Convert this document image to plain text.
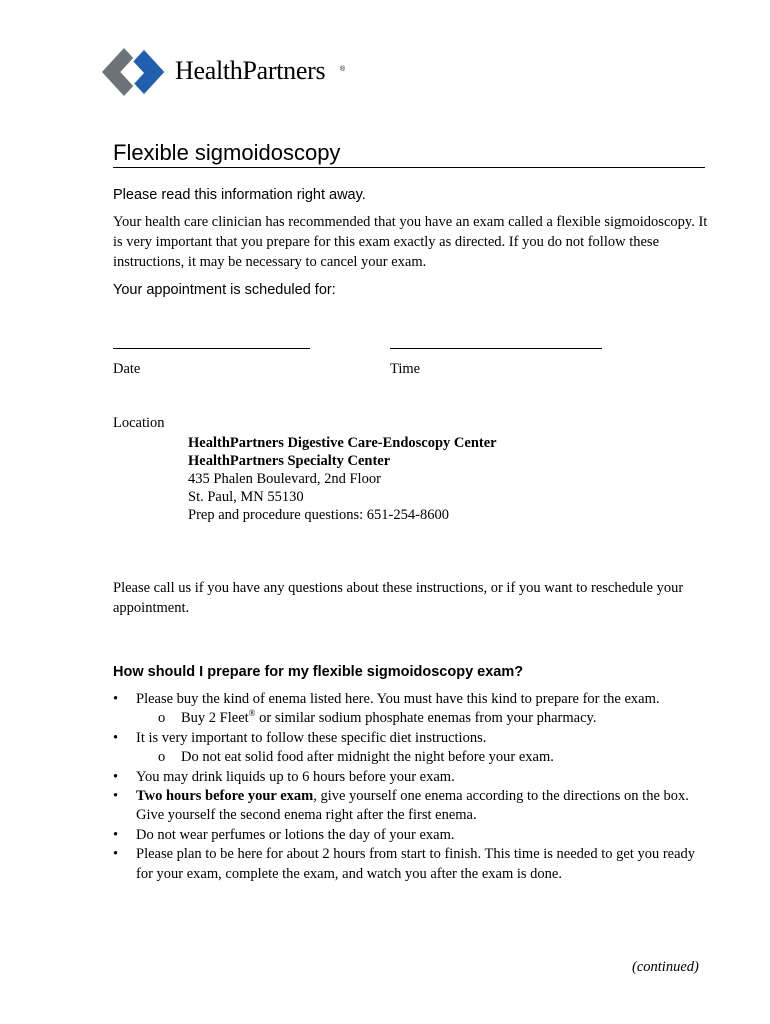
HealthPartners ®
Flexible sigmoidoscopy
Please read this information right away.
Your health care clinician has recommended that you have an exam called a flexible sigmoidoscopy. It is very important that you prepare for this exam exactly as directed. If you do not follow these instructions, it may be necessary to cancel your exam.
Your appointment is scheduled for:
Date	Time
Location
HealthPartners Digestive Care-Endoscopy Center
HealthPartners Specialty Center
435 Phalen Boulevard, 2nd Floor
St. Paul, MN 55130
Prep and procedure questions: 651-254-8600
Please call us if you have any questions about these instructions, or if you want to reschedule your appointment.
How should I prepare for my flexible sigmoidoscopy exam?
• Please buy the kind of enema listed here. You must have this kind to prepare for the exam.
o Buy 2 Fleet® or similar sodium phosphate enemas from your pharmacy.
• It is very important to follow these specific diet instructions.
o Do not eat solid food after midnight the night before your exam.
• You may drink liquids up to 6 hours before your exam.
• Two hours before your exam, give yourself one enema according to the directions on the box. Give yourself the second enema right after the first enema.
• Do not wear perfumes or lotions the day of your exam.
• Please plan to be here for about 2 hours from start to finish. This time is needed to get you ready for your exam, complete the exam, and watch you after the exam is done.
(continued)
